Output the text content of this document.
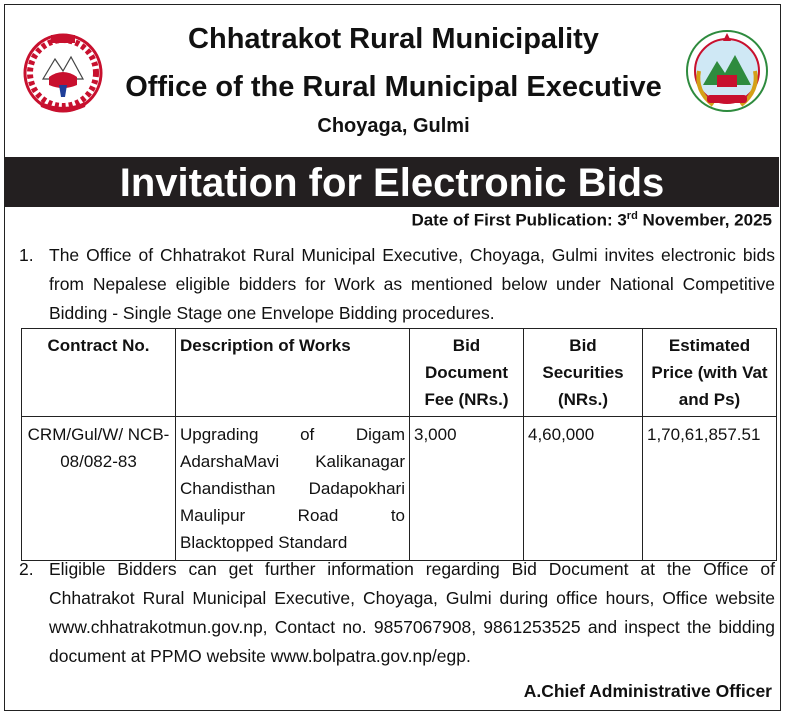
Chhatrakot Rural Municipality
Office of the Rural Municipal Executive
Choyaga, Gulmi
Invitation for Electronic Bids
Date of First Publication: 3rd November, 2025
1. The Office of Chhatrakot Rural Municipal Executive, Choyaga, Gulmi invites electronic bids from Nepalese eligible bidders for Work as mentioned below under National Competitive Bidding - Single Stage one Envelope Bidding procedures.
Contract No.	Description of Works	Bid Document Fee (NRs.)	Bid Securities (NRs.)	Estimated Price (with Vat and Ps)
CRM/Gul/W/ NCB-08/082-83	Upgrading of Digam AdarshaMavi Kalikanagar Chandisthan Dadapokhari Maulipur Road to Blacktopped Standard	3,000	4,60,000	1,70,61,857.51
2. Eligible Bidders can get further information regarding Bid Document at the Office of Chhatrakot Rural Municipal Executive, Choyaga, Gulmi during office hours, Office website www.chhatrakotmun.gov.np, Contact no. 9857067908, 9861253525 and inspect the bidding document at PPMO website www.bolpatra.gov.np/egp.
A.Chief Administrative Officer
